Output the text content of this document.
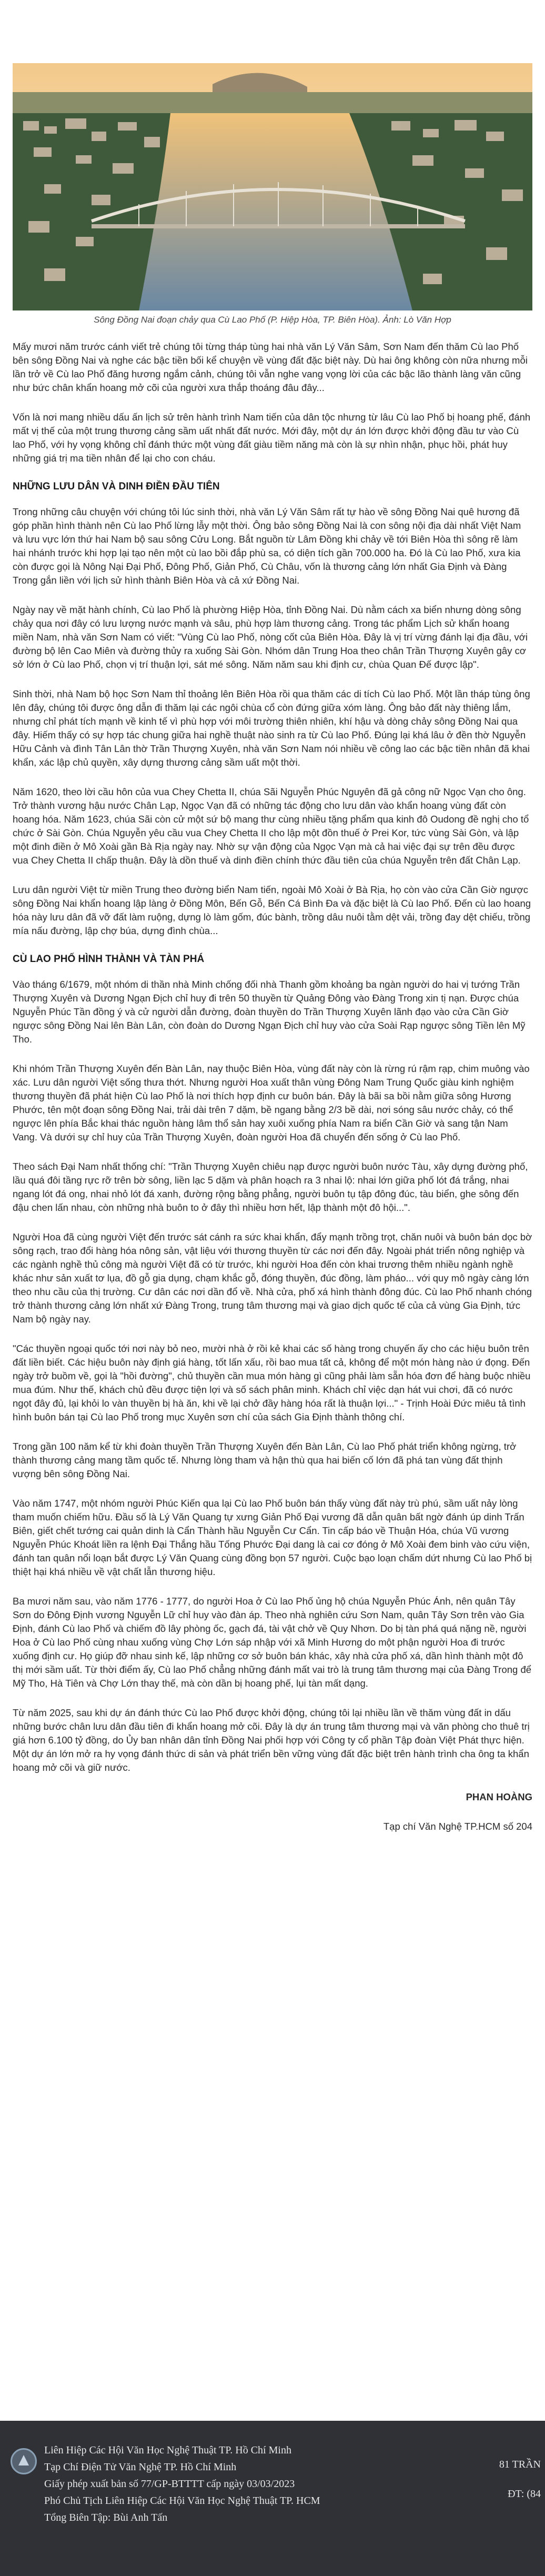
Sông Đồng Nai đoạn chảy qua Cù Lao Phố (P. Hiệp Hòa, TP. Biên Hòa). Ảnh: Lò Văn Hợp

Mấy mươi năm trước cánh viết trẻ chúng tôi từng tháp tùng hai nhà văn Lý Văn Sâm, Sơn Nam đến thăm Cù lao Phố bên sông Đồng Nai và nghe các bậc tiền bối kể chuyện về vùng đất đặc biệt này. Dù hai ông không còn nữa nhưng mỗi lần trở về Cù lao Phố đăng hương ngắm cảnh, chúng tôi vẫn nghe vang vọng lời của các bậc lão thành làng văn cũng như bức chân khẩn hoang mở cõi của người xưa thắp thoáng đâu đây...

Vốn là nơi mang nhiều dấu ấn lịch sử trên hành trình Nam tiến của dân tộc nhưng từ lâu Cù lao Phố bị hoang phế, đánh mất vị thế của một trung thương cảng sầm uất nhất đất nước. Mới đây, một dự án lớn được khởi động đầu tư vào Cù lao Phố, với hy vọng không chỉ đánh thức một vùng đất giàu tiềm năng mà còn là sự nhìn nhận, phục hồi, phát huy những giá trị ma tiền nhân để lại cho con cháu.

NHỮNG LƯU DÂN VÀ DINH ĐIỀN ĐẦU TIÊN

Trong những câu chuyện với chúng tôi lúc sinh thời, nhà văn Lý Văn Sâm rất tự hào về sông Đồng Nai quê hương đã góp phần hình thành nên Cù lao Phố lừng lẫy một thời. Ông bảo sông Đồng Nai là con sông nội địa dài nhất Việt Nam và lưu vực lớn thứ hai Nam bộ sau sông Cửu Long. Bắt nguồn từ Lâm Đồng khi chảy về tới Biên Hòa thì sông rẽ làm hai nhánh trước khi hợp lại tạo nên một cù lao bồi đắp phù sa, có diện tích gần 700.000 ha. Đó là Cù lao Phố, xưa kia còn được gọi là Nông Nại Đại Phố, Đông Phố, Giản Phố, Cù Châu, vốn là thương cảng lớn nhất Gia Định và Đàng Trong gắn liền với lịch sử hình thành Biên Hòa và cả xứ Đồng Nai.

Ngày nay về mặt hành chính, Cù lao Phố là phường Hiệp Hòa, tỉnh Đồng Nai. Dù nằm cách xa biển nhưng dòng sông chảy qua nơi đây có lưu lượng nước mạnh và sâu, phù hợp làm thương cảng. Trong tác phẩm Lịch sử khẩn hoang miền Nam, nhà văn Sơn Nam có viết: "Vùng Cù lao Phố, nòng cốt của Biên Hòa. Đây là vị trí vừng đánh lại địa đầu, với đường bộ lên Cao Miên và đường thủy ra xuống Sài Gòn. Nhóm dân Trung Hoa theo chân Trần Thượng Xuyên gây cơ sở lớn ở Cù lao Phố, chọn vị trí thuận lợi, sát mé sông. Năm năm sau khi định cư, chùa Quan Đế được lập".

Sinh thời, nhà Nam bộ học Sơn Nam thỉ thoảng lên Biên Hòa rồi qua thăm các di tích Cù lao Phố. Một lần tháp tùng ông lên đây, chúng tôi được ông dẫn đi thăm lại các ngôi chùa cổ còn đứng giữa xóm làng. Ông bảo đất này thiêng lắm, nhưng chỉ phát tích mạnh về kinh tế vì phù hợp với môi trường thiên nhiên, khí hậu và dòng chảy sông Đồng Nai qua đây. Hiếm thấy có sự hợp tác chung giữa hai nghề thuật nào sinh ra từ Cù lao Phố. Đúng lại khá lâu ở đền thờ Nguyễn Hữu Cảnh và đình Tân Lân thờ Trần Thượng Xuyên, nhà văn Sơn Nam nói nhiều về công lao các bậc tiền nhân đã khai khẩn, xác lập chủ quyền, xây dựng thương cảng sầm uất một thời.

Năm 1620, theo lời cầu hôn của vua Chey Chetta II, chúa Sãi Nguyễn Phúc Nguyên đã gả công nữ Ngọc Vạn cho ông. Trở thành vương hậu nước Chân Lạp, Ngọc Vạn đã có những tác động cho lưu dân vào khẩn hoang vùng đất còn hoang hóa. Năm 1623, chúa Sãi còn cử một sứ bộ mang thư cùng nhiều tặng phẩm qua kinh đô Oudong đề nghị cho tổ chức ở Sài Gòn. Chúa Nguyễn yêu cầu vua Chey Chetta II cho lập một đồn thuế ở Prei Kor, tức vùng Sài Gòn, và lập một đinh điền ở Mô Xoài gần Bà Rịa ngày nay. Nhờ sự vận động của Ngọc Vạn mà cả hai việc đại sự trên đều được vua Chey Chetta II chấp thuận. Đây là dồn thuế và dinh điền chính thức đầu tiên của chúa Nguyễn trên đất Chân Lạp.

Lưu dân người Việt từ miền Trung theo đường biển Nam tiến, ngoài Mô Xoài ở Bà Rịa, họ còn vào cửa Cần Giờ ngược sông Đồng Nai khẩn hoang lập làng ở Đồng Môn, Bến Gỗ, Bến Cá Bình Đa và đặc biệt là Cù lao Phố. Đến cù lao hoang hóa này lưu dân đã vỡ đất làm ruộng, dựng lò làm gốm, đúc bành, trồng dâu nuôi tằm dệt vải, trồng đay dệt chiếu, trồng mía nấu đường, lập chợ búa, dựng đình chùa...

CÙ LAO PHỐ HÌNH THÀNH VÀ TÀN PHÁ

Vào tháng 6/1679, một nhóm di thần nhà Minh chống đối nhà Thanh gồm khoảng ba ngàn người do hai vị tướng Trần Thượng Xuyên và Dương Ngạn Địch chỉ huy đi trên 50 thuyền từ Quảng Đông vào Đàng Trong xin tị nạn. Được chúa Nguyễn Phúc Tần đồng ý và cử người dẫn đường, đoàn thuyền do Trần Thượng Xuyên lãnh đạo vào cửa Cần Giờ ngược sông Đồng Nai lên Bàn Lân, còn đoàn do Dương Ngạn Địch chỉ huy vào cửa Soài Rạp ngược sông Tiền lên Mỹ Tho.

Khi nhóm Trần Thượng Xuyên đến Bàn Lân, nay thuộc Biên Hòa, vùng đất này còn là rừng rú rậm rạp, chim muông vào xác. Lưu dân người Việt sống thưa thớt. Nhưng người Hoa xuất thân vùng Đông Nam Trung Quốc giàu kinh nghiệm thương thuyền đã phát hiện Cù lao Phố là nơi thích hợp định cư buôn bán. Đây là bãi sa bồi nằm giữa sông Hương Phước, tên một đoạn sông Đồng Nai, trải dài trên 7 dặm, bề ngang bằng 2/3 bề dài, nơi sóng sâu nước chảy, có thể ngược lên phía Bắc khai thác nguồn hàng lâm thổ sản hay xuôi xuống phía Nam ra biển Cần Giờ và sang tận Nam Vang. Và dưới sự chỉ huy của Trần Thượng Xuyên, đoàn người Hoa đã chuyển đến sống ở Cù lao Phố.

Theo sách Đại Nam nhất thống chí: "Trần Thượng Xuyên chiêu nạp được người buôn nước Tàu, xây dựng đường phố, lầu quá đôi tầng rực rỡ trên bờ sông, liền lạc 5 dặm và phân hoạch ra 3 nhai lộ: nhai lớn giữa phố lót đá trắng, nhai ngang lót đá ong, nhai nhỏ lót đá xanh, đường rộng bằng phẳng, người buôn tụ tập đông đúc, tàu biển, ghe sông đến đậu chen lấn nhau, còn những nhà buôn to ở đây thì nhiều hơn hết, lập thành một đô hội...".

Người Hoa đã cùng người Việt đến trước sát cánh ra sức khai khẩn, đẩy mạnh trồng trọt, chăn nuôi và buôn bán dọc bờ sông rạch, trao đổi hàng hóa nông sản, vật liệu với thương thuyền từ các nơi đến đây. Ngoài phát triển nông nghiệp và các ngành nghề thủ công mà người Việt đã có từ trước, khi người Hoa đến còn khai trương thêm nhiều ngành nghề khác như sản xuất tơ lụa, đồ gỗ gia dụng, chạm khắc gỗ, đóng thuyền, đúc đồng, làm pháo... với quy mô ngày càng lớn theo nhu cầu của thị trường. Cư dân các nơi dần đổ về. Nhà cửa, phố xá hình thành đông đúc. Cù lao Phố nhanh chóng trở thành thương cảng lớn nhất xứ Đàng Trong, trung tâm thương mại và giao dịch quốc tế của cả vùng Gia Định, tức Nam bộ ngày nay.

"Các thuyền ngoại quốc tới nơi này bỏ neo, mười nhà ở rồi kẻ khai các số hàng trong chuyến ấy cho các hiệu buôn trên đất liền biết. Các hiệu buôn này định giá hàng, tốt lấn xấu, rồi bao mua tất cả, không để một món hàng nào ứ đọng. Đến ngày trở buồm về, gọi là "hồi đường", chủ thuyền cần mua món hàng gì cũng phải làm sẵn hóa đơn để hàng buộc nhiều mua đúm. Như thế, khách chủ đều được tiện lợi và số sách phân minh. Khách chỉ việc dạn hát vui chơi, đã có nước ngọt đây đủ, lại khỏi lo vàn thuyền bị hà ăn, khi về lại chở đầy hàng hóa rất là thuận lợi..." - Trịnh Hoài Đức miêu tả tình hình buôn bán tại Cù lao Phố trong mục Xuyên sơn chí của sách Gia Định thành thông chí.

Trong gần 100 năm kể từ khi đoàn thuyền Trần Thượng Xuyên đến Bàn Lân, Cù lao Phố phát triển không ngừng, trở thành thương cảng mang tầm quốc tế. Nhưng lòng tham và hận thù qua hai biến cố lớn đã phá tan vùng đất thịnh vượng bên sông Đồng Nai.

Vào năm 1747, một nhóm người Phúc Kiến qua lại Cù lao Phố buôn bán thấy vùng đất này trù phú, sầm uất nảy lòng tham muốn chiếm hữu. Đầu số là Lý Văn Quang tự xưng Giản Phố Đại vương đã dẫn quân bất ngờ đánh úp dinh Trấn Biên, giết chết tướng cai quản dinh là Cẩn Thành hầu Nguyễn Cư Cẩn. Tin cấp báo về Thuận Hóa, chúa Vũ vương Nguyễn Phúc Khoát liền ra lệnh Đại Thắng hầu Tống Phước Đại dang là cai cơ đóng ở Mô Xoài đem binh vào cứu viện, đánh tan quân nổi loạn bắt được Lý Văn Quang cùng đồng bọn 57 người. Cuộc bạo loạn chấm dứt nhưng Cù lao Phố bị thiệt hại khá nhiều về vật chất lẫn thương hiệu.

Ba mươi năm sau, vào năm 1776 - 1777, do người Hoa ở Cù lao Phố ủng hộ chúa Nguyễn Phúc Ánh, nên quân Tây Sơn do Đông Định vương Nguyễn Lữ chỉ huy vào đàn áp. Theo nhà nghiên cứu Sơn Nam, quân Tây Sơn trên vào Gia Định, đánh Cù lao Phố và chiếm đồ lây phòng ốc, gạch đá, tài vật chở về Quy Nhơn. Do bị tàn phá quá nặng nề, người Hoa ở Cù lao Phố cùng nhau xuống vùng Chợ Lớn sáp nhập với xã Minh Hương do một phận người Hoa đi trước xuống định cư. Họ giúp đỡ nhau sinh kế, lập những cơ sở buôn bán khác, xây nhà cửa phố xá, dần hình thành một đô thị mới sầm uất. Từ thời điểm ấy, Cù lao Phố chẳng những đánh mất vai trò là trung tâm thương mại của Đàng Trong để Mỹ Tho, Hà Tiên và Chợ Lớn thay thế, mà còn dần bị hoang phế, lụi tàn mất dạng.

Từ năm 2025, sau khi dự án đánh thức Cù lao Phố được khởi động, chúng tôi lại nhiều lần về thăm vùng đất in dấu những bước chân lưu dân đầu tiên đi khẩn hoang mở cõi. Đây là dự án trung tâm thương mại và văn phòng cho thuê trị giá hơn 6.100 tỷ đồng, do Ủy ban nhân dân tỉnh Đồng Nai phối hợp với Công ty cổ phần Tập đoàn Việt Phát thực hiện. Một dự án lớn mở ra hy vọng đánh thức di sản và phát triển bền vững vùng đất đặc biệt trên hành trình cha ông ta khẩn hoang mở cõi và giữ nước.

PHAN HOÀNG

Tạp chí Văn Nghệ TP.HCM số 204

Liên Hiệp Các Hội Văn Học Nghệ Thuật TP. Hồ Chí Minh
Tạp Chí Điện Tử Văn Nghệ TP. Hồ Chí Minh
Giấy phép xuất bản số 77/GP-BTTTT cấp ngày 03/03/2023
Phó Chủ Tịch Liên Hiệp Các Hội Văn Học Nghệ Thuật TP. HCM
Tổng Biên Tập: Bùi Anh Tấn
81 TRẦN
ĐT: (84
